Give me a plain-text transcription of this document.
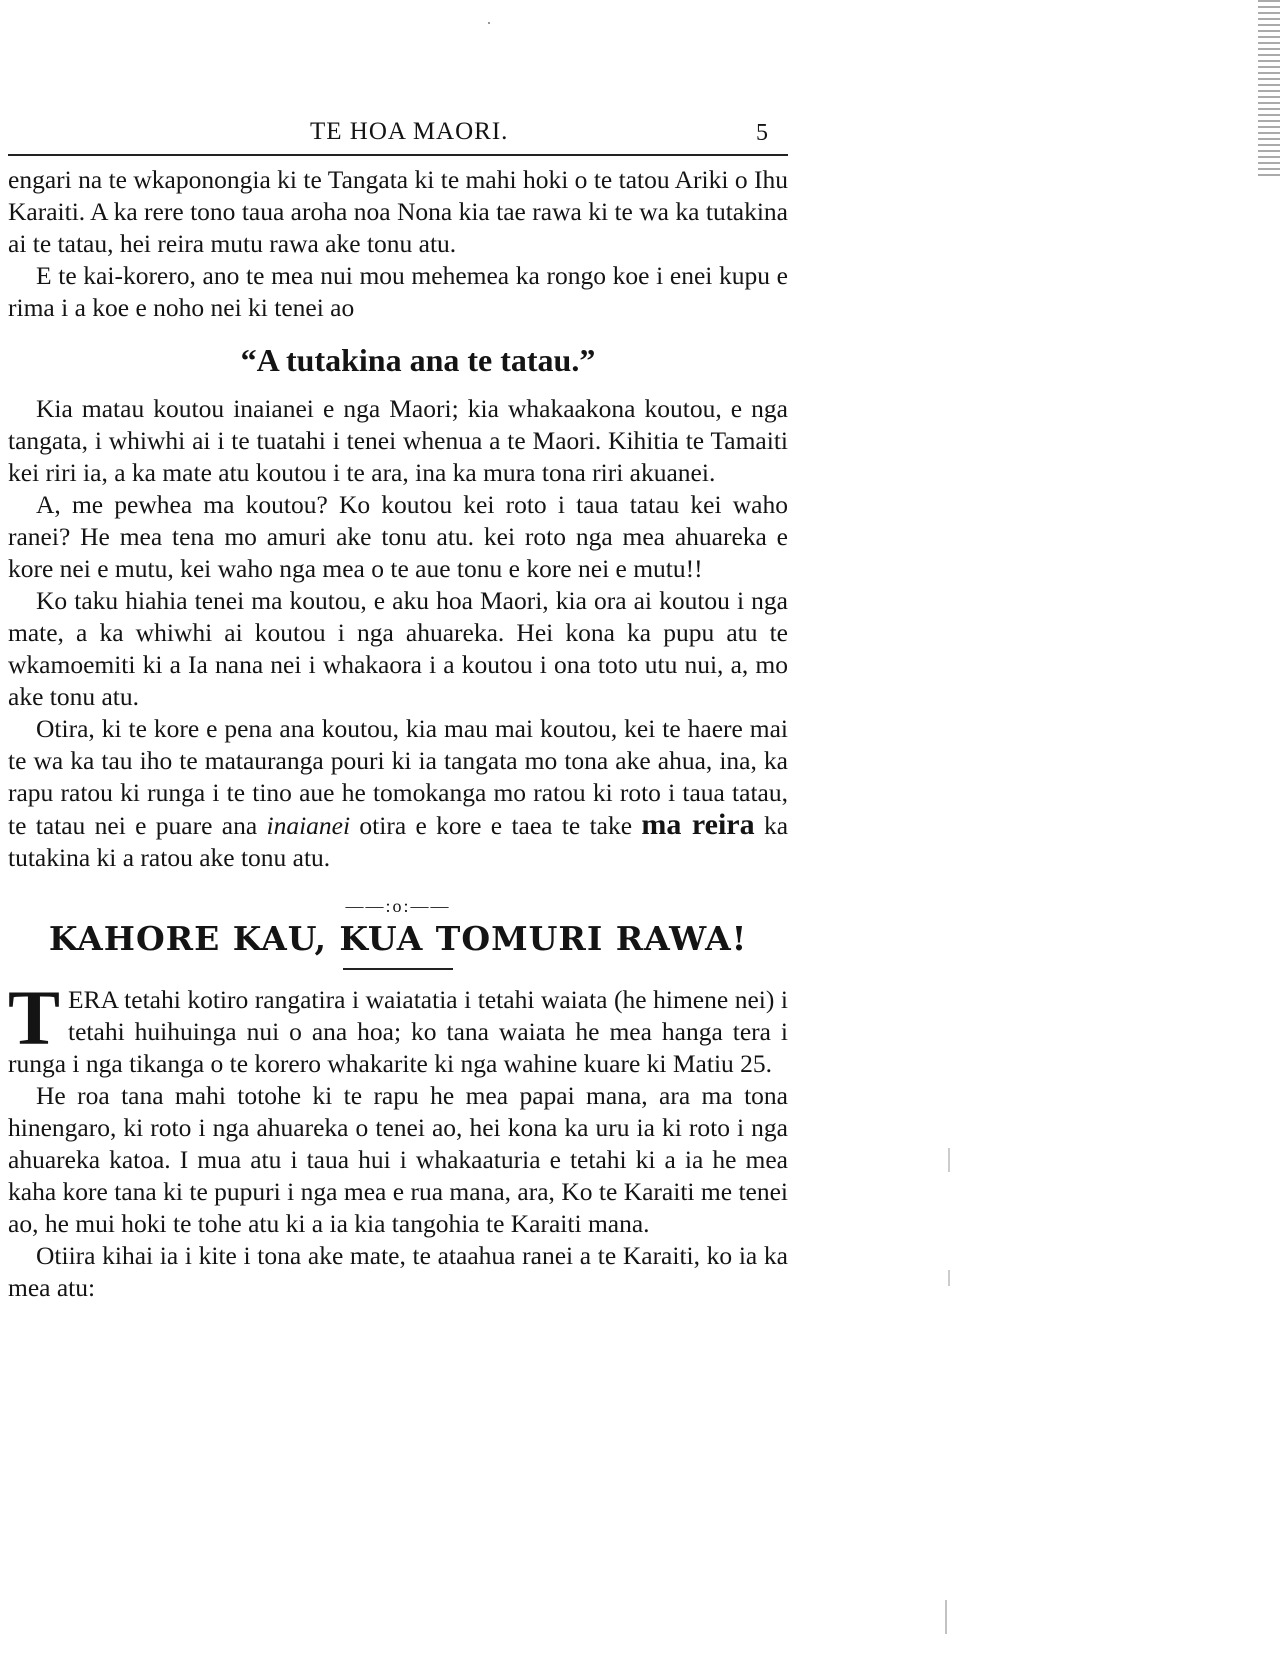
TE HOA MAORI.	5

engari na te wkaponongia ki te Tangata ki te mahi hoki o te tatou Ariki o Ihu Karaiti. A ka rere tono taua aroha noa Nona kia tae rawa ki te wa ka tutakina ai te tatau, hei reira mutu rawa ake tonu atu.

E te kai-korero, ano te mea nui mou mehemea ka rongo koe i enei kupu e rima i a koe e noho nei ki tenei ao

“A tutakina ana te tatau.”

Kia matau koutou inaianei e nga Maori; kia whakaakona koutou, e nga tangata, i whiwhi ai i te tuatahi i tenei whenua a te Maori. Kihitia te Tamaiti kei riri ia, a ka mate atu koutou i te ara, ina ka mura tona riri akuanei.

A, me pewhea ma koutou? Ko koutou kei roto i taua tatau kei waho ranei? He mea tena mo amuri ake tonu atu. kei roto nga mea ahuareka e kore nei e mutu, kei waho nga mea o te aue tonu e kore nei e mutu!!

Ko taku hiahia tenei ma koutou, e aku hoa Maori, kia ora ai koutou i nga mate, a ka whiwhi ai koutou i nga ahuareka. Hei kona ka pupu atu te wkamoemiti ki a Ia nana nei i whakaora i a koutou i ona toto utu nui, a, mo ake tonu atu.

Otira, ki te kore e pena ana koutou, kia mau mai koutou, kei te haere mai te wa ka tau iho te matauranga pouri ki ia tangata mo tona ake ahua, ina, ka rapu ratou ki runga i te tino aue he tomokanga mo ratou ki roto i taua tatau, te tatau nei e puare ana inaianei otira e kore e taea te take ma reira ka tutakina ki a ratou ake tonu atu.

——:o:——
KAHORE KAU, KUA TOMURI RAWA!

T ERA tetahi kotiro rangatira i waiatatia i tetahi waiata (he himene nei) i tetahi huihuinga nui o ana hoa; ko tana waiata he mea hanga tera i runga i nga tikanga o te korero whakarite ki nga wahine kuare ki Matiu 25.

He roa tana mahi totohe ki te rapu he mea papai mana, ara ma tona hinengaro, ki roto i nga ahuareka o tenei ao, hei kona ka uru ia ki roto i nga ahuareka katoa. I mua atu i taua hui i whakaaturia e tetahi ki a ia he mea kaha kore tana ki te pupuri i nga mea e rua mana, ara, Ko te Karaiti me tenei ao, he mui hoki te tohe atu ki a ia kia tangohia te Karaiti mana.

Otiira kihai ia i kite i tona ake mate, te ataahua ranei a te Karaiti, ko ia ka mea atu:
